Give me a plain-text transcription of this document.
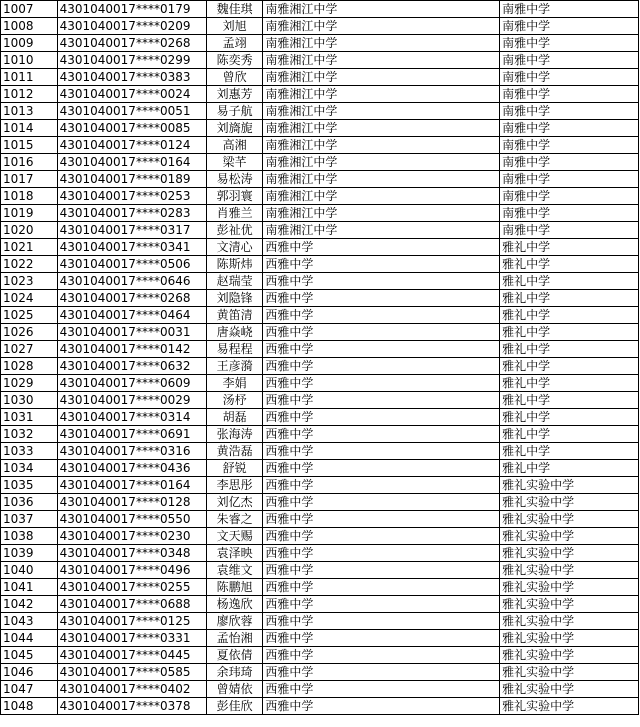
1007	4301040017****0179	魏佳琪	南雅湘江中学	南雅中学
1008	4301040017****0209	刘旭	南雅湘江中学	南雅中学
1009	4301040017****0268	孟翊	南雅湘江中学	南雅中学
1010	4301040017****0299	陈奕秀	南雅湘江中学	南雅中学
1011	4301040017****0383	曾欣	南雅湘江中学	南雅中学
1012	4301040017****0024	刘惠芳	南雅湘江中学	南雅中学
1013	4301040017****0051	易子航	南雅湘江中学	南雅中学
1014	4301040017****0085	刘旖旎	南雅湘江中学	南雅中学
1015	4301040017****0124	高湘	南雅湘江中学	南雅中学
1016	4301040017****0164	梁芊	南雅湘江中学	南雅中学
1017	4301040017****0189	易松涛	南雅湘江中学	南雅中学
1018	4301040017****0253	郭羽寰	南雅湘江中学	南雅中学
1019	4301040017****0283	肖雅兰	南雅湘江中学	南雅中学
1020	4301040017****0317	彭祉优	南雅湘江中学	南雅中学
1021	4301040017****0341	文清心	西雅中学	雅礼中学
1022	4301040017****0506	陈斯炜	西雅中学	雅礼中学
1023	4301040017****0646	赵瑞莹	西雅中学	雅礼中学
1024	4301040017****0268	刘隐锋	西雅中学	雅礼中学
1025	4301040017****0464	黄笛清	西雅中学	雅礼中学
1026	4301040017****0031	唐焱峣	西雅中学	雅礼中学
1027	4301040017****0142	易程程	西雅中学	雅礼中学
1028	4301040017****0632	王彦漪	西雅中学	雅礼中学
1029	4301040017****0609	李娟	西雅中学	雅礼中学
1030	4301040017****0029	汤杼	西雅中学	雅礼中学
1031	4301040017****0314	胡磊	西雅中学	雅礼中学
1032	4301040017****0691	张海涛	西雅中学	雅礼中学
1033	4301040017****0316	黄浩磊	西雅中学	雅礼中学
1034	4301040017****0436	舒锐	西雅中学	雅礼中学
1035	4301040017****0164	李思彤	西雅中学	雅礼实验中学
1036	4301040017****0128	刘亿杰	西雅中学	雅礼实验中学
1037	4301040017****0550	朱睿之	西雅中学	雅礼实验中学
1038	4301040017****0230	文天赐	西雅中学	雅礼实验中学
1039	4301040017****0348	袁泽映	西雅中学	雅礼实验中学
1040	4301040017****0496	袁维文	西雅中学	雅礼实验中学
1041	4301040017****0255	陈鹏旭	西雅中学	雅礼实验中学
1042	4301040017****0688	杨逸欣	西雅中学	雅礼实验中学
1043	4301040017****0125	廖欣蓉	西雅中学	雅礼实验中学
1044	4301040017****0331	孟怡湘	西雅中学	雅礼实验中学
1045	4301040017****0445	夏依倩	西雅中学	雅礼实验中学
1046	4301040017****0585	余玮琦	西雅中学	雅礼实验中学
1047	4301040017****0402	曾婧依	西雅中学	雅礼实验中学
1048	4301040017****0378	彭佳欣	西雅中学	雅礼实验中学
